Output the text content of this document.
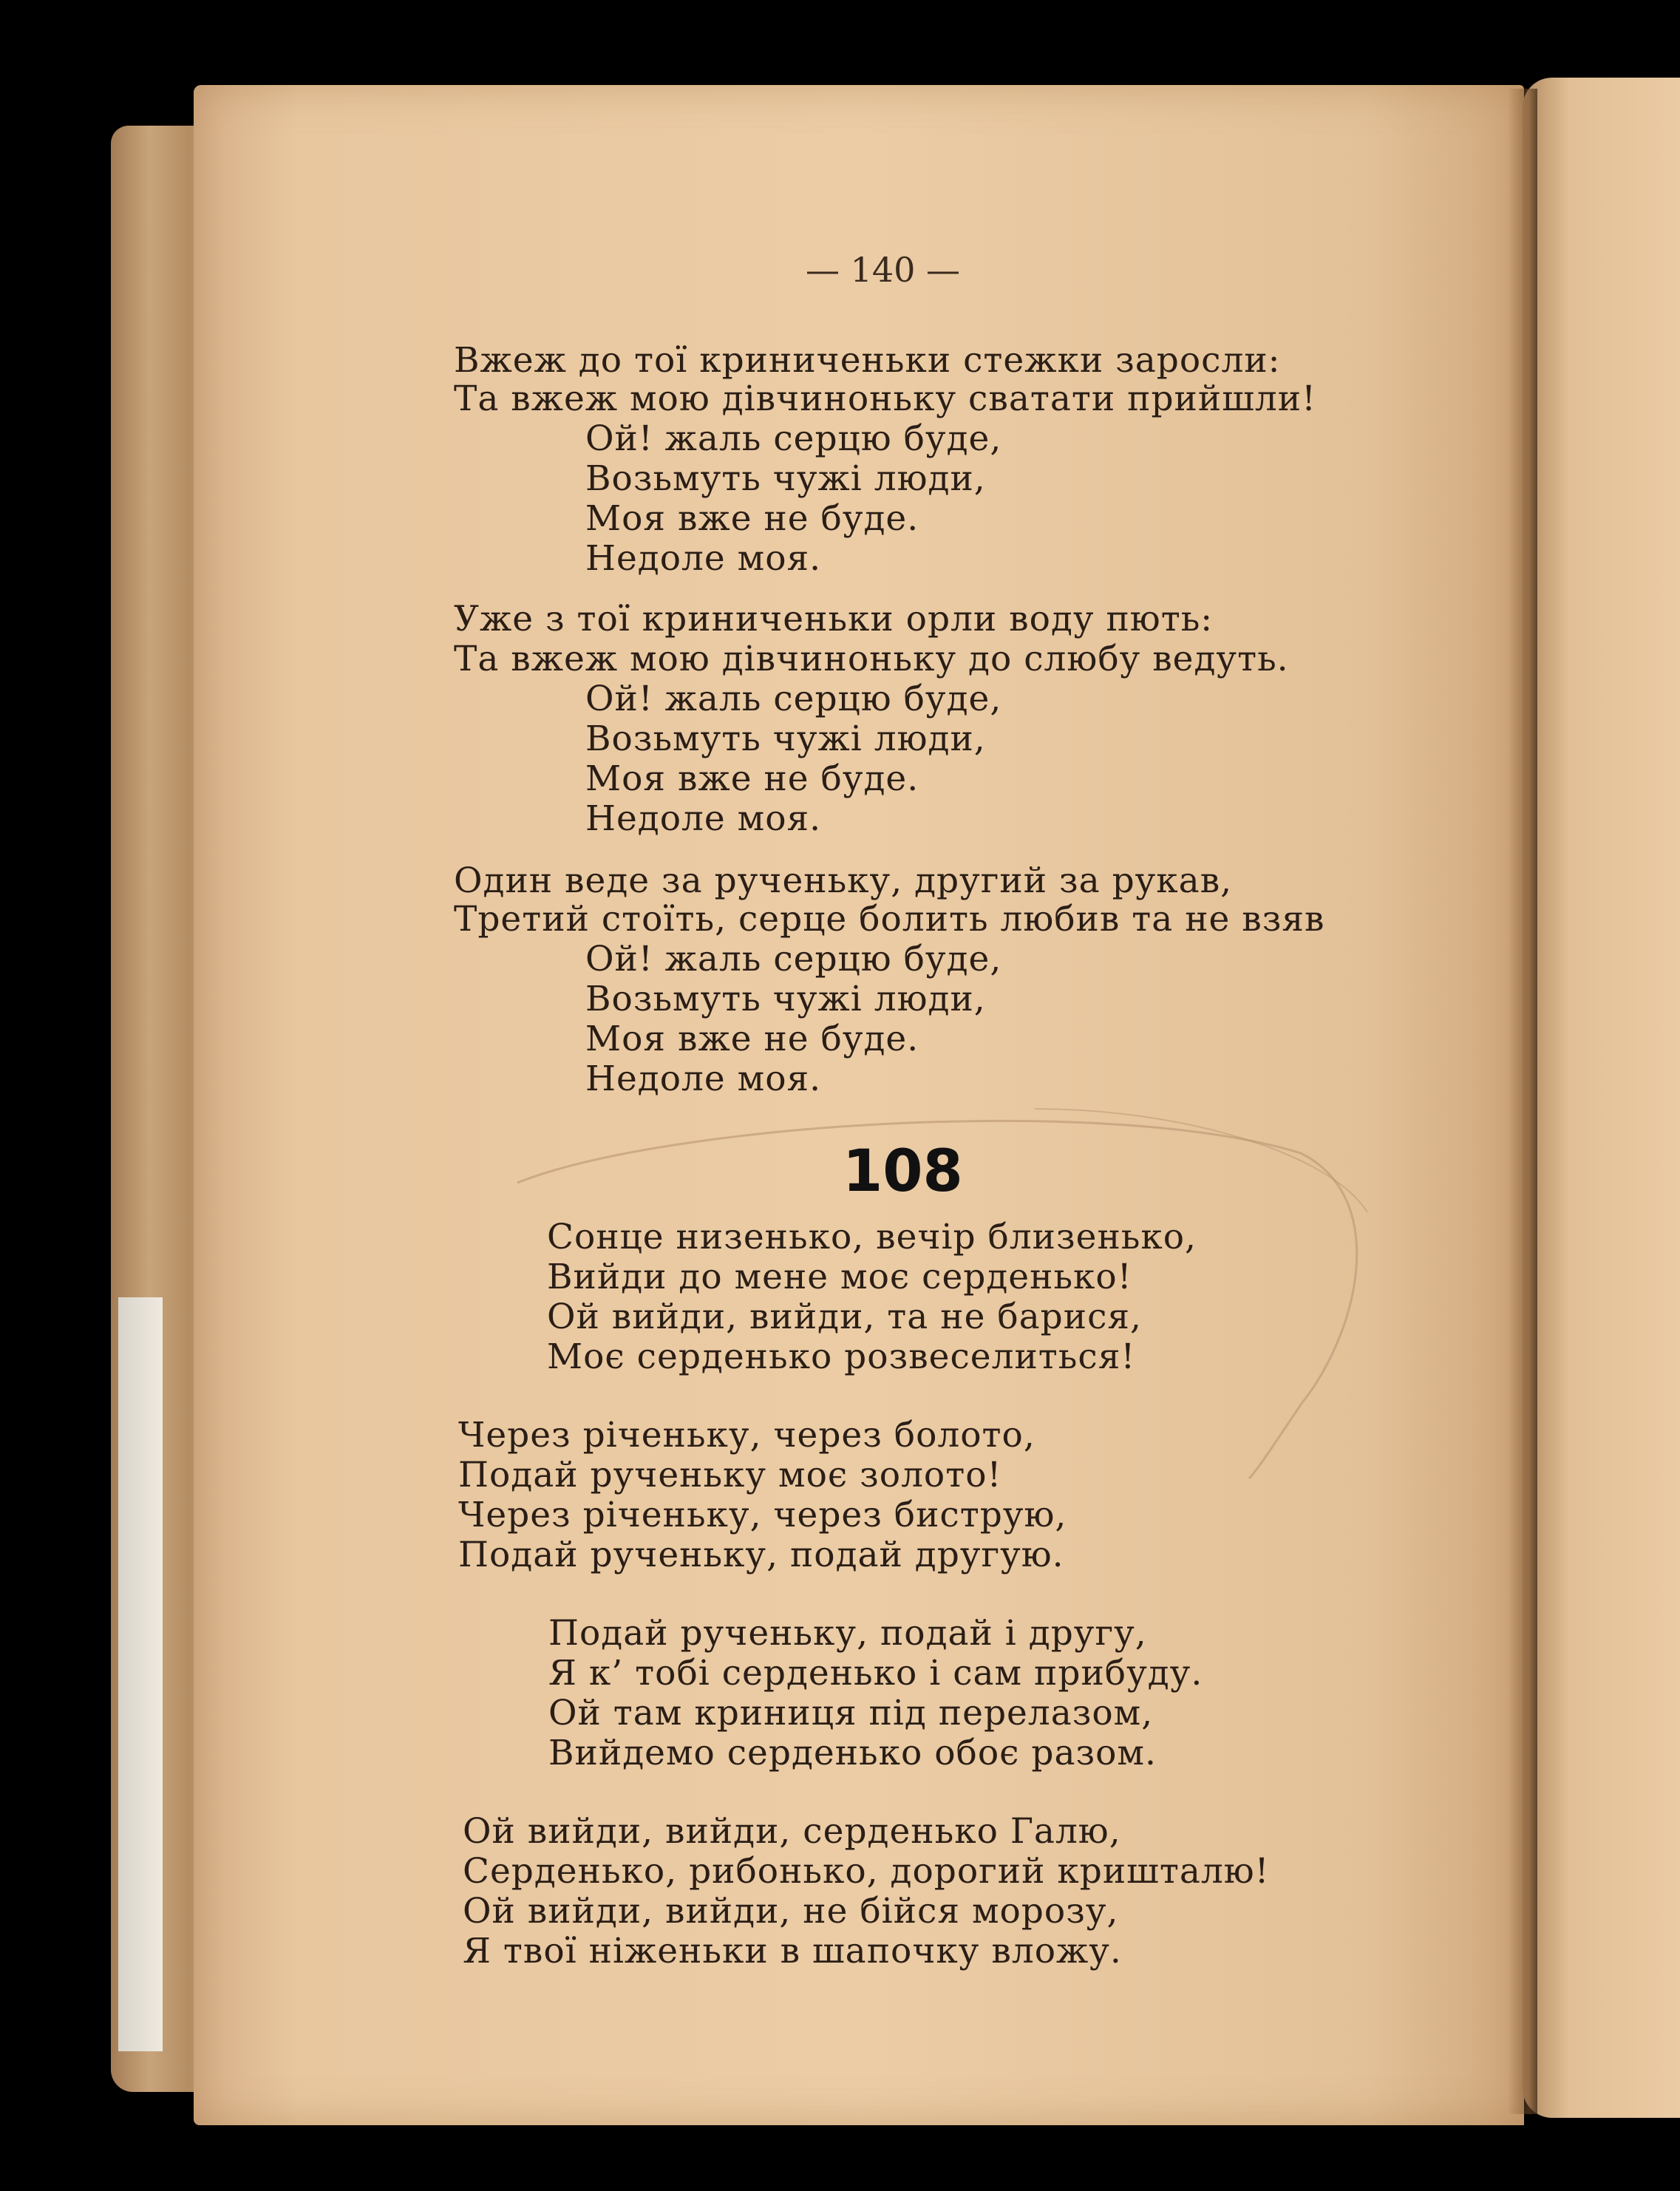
— 140 —
Вжеж до тої криниченьки стежки заросли:
Та вжеж мою дівчиноньку сватати прийшли!
Ой! жаль серцю буде,
Возьмуть чужі люди,
Моя вже не буде.
Недоле моя.
Уже з тої криниченьки орли воду пють:
Та вжеж мою дівчиноньку до слюбу ведуть.
Ой! жаль серцю буде,
Возьмуть чужі люди,
Моя вже не буде.
Недоле моя.
Один веде за рученьку, другий за рукав,
Третий стоїть, серце болить любив та не взяв
Ой! жаль серцю буде,
Возьмуть чужі люди,
Моя вже не буде.
Недоле моя.
108
Сонце низенько, вечір близенько,
Вийди до мене моє серденько!
Ой вийди, вийди, та не барися,
Моє серденько розвеселиться!
Через річеньку, через болото,
Подай рученьку моє золото!
Через річеньку, через биструю,
Подай рученьку, подай другую.
Подай рученьку, подай і другу,
Я к’ тобі серденько і сам прибуду.
Ой там криниця під перелазом,
Вийдемо серденько обоє разом.
Ой вийди, вийди, серденько Галю,
Серденько, рибонько, дорогий кришталю!
Ой вийди, вийди, не бійся морозу,
Я твої ніженьки в шапочку вложу.
